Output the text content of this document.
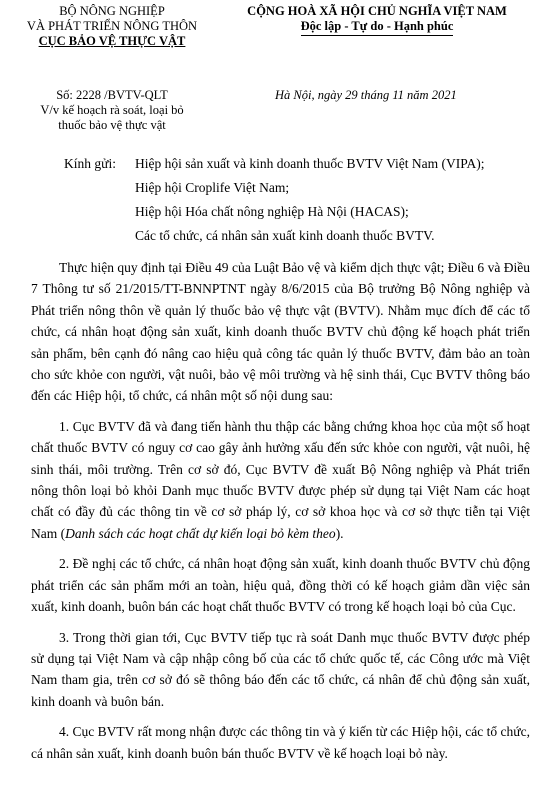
BỘ NÔNG NGHIỆP
VÀ PHÁT TRIỂN NÔNG THÔN
CỤC BẢO VỆ THỰC VẬT
CỘNG HOÀ XÃ HỘI CHỦ NGHĨA VIỆT NAM
Độc lập - Tự do - Hạnh phúc
Số: 2228 /BVTV-QLT
V/v kế hoạch rà soát, loại bỏ
thuốc bảo vệ thực vật
Hà Nội, ngày 29 tháng 11 năm 2021
Kính gửi:	Hiệp hội sản xuất và kinh doanh thuốc BVTV Việt Nam (VIPA);
Hiệp hội Croplife Việt Nam;
Hiệp hội Hóa chất nông nghiệp Hà Nội (HACAS);
Các tổ chức, cá nhân sản xuất kinh doanh thuốc BVTV.

Thực hiện quy định tại Điều 49 của Luật Bảo vệ và kiểm dịch thực vật; Điều 6 và Điều 7 Thông tư số 21/2015/TT-BNNPTNT ngày 8/6/2015 của Bộ trưởng Bộ Nông nghiệp và Phát triển nông thôn về quản lý thuốc bảo vệ thực vật (BVTV). Nhằm mục đích để các tổ chức, cá nhân hoạt động sản xuất, kinh doanh thuốc BVTV chủ động kế hoạch phát triển sản phẩm, bên cạnh đó nâng cao hiệu quả công tác quản lý thuốc BVTV, đảm bảo an toàn cho sức khỏe con người, vật nuôi, bảo vệ môi trường và hệ sinh thái, Cục BVTV thông báo đến các Hiệp hội, tổ chức, cá nhân một số nội dung sau:

1. Cục BVTV đã và đang tiến hành thu thập các bằng chứng khoa học của một số hoạt chất thuốc BVTV có nguy cơ cao gây ảnh hưởng xấu đến sức khỏe con người, vật nuôi, hệ sinh thái, môi trường. Trên cơ sở đó, Cục BVTV đề xuất Bộ Nông nghiệp và Phát triển nông thôn loại bỏ khỏi Danh mục thuốc BVTV được phép sử dụng tại Việt Nam các hoạt chất có đầy đủ các thông tin về cơ sở pháp lý, cơ sở khoa học và cơ sở thực tiễn tại Việt Nam (Danh sách các hoạt chất dự kiến loại bỏ kèm theo).

2. Đề nghị các tổ chức, cá nhân hoạt động sản xuất, kinh doanh thuốc BVTV chủ động phát triển các sản phẩm mới an toàn, hiệu quả, đồng thời có kế hoạch giảm dần việc sản xuất, kinh doanh, buôn bán các hoạt chất thuốc BVTV có trong kế hoạch loại bỏ của Cục.

3. Trong thời gian tới, Cục BVTV tiếp tục rà soát Danh mục thuốc BVTV được phép sử dụng tại Việt Nam và cập nhập công bố của các tổ chức quốc tế, các Công ước mà Việt Nam tham gia, trên cơ sở đó sẽ thông báo đến các tổ chức, cá nhân để chủ động sản xuất, kinh doanh và buôn bán.

4. Cục BVTV rất mong nhận được các thông tin và ý kiến từ các Hiệp hội, các tổ chức, cá nhân sản xuất, kinh doanh buôn bán thuốc BVTV về kế hoạch loại bỏ này.
